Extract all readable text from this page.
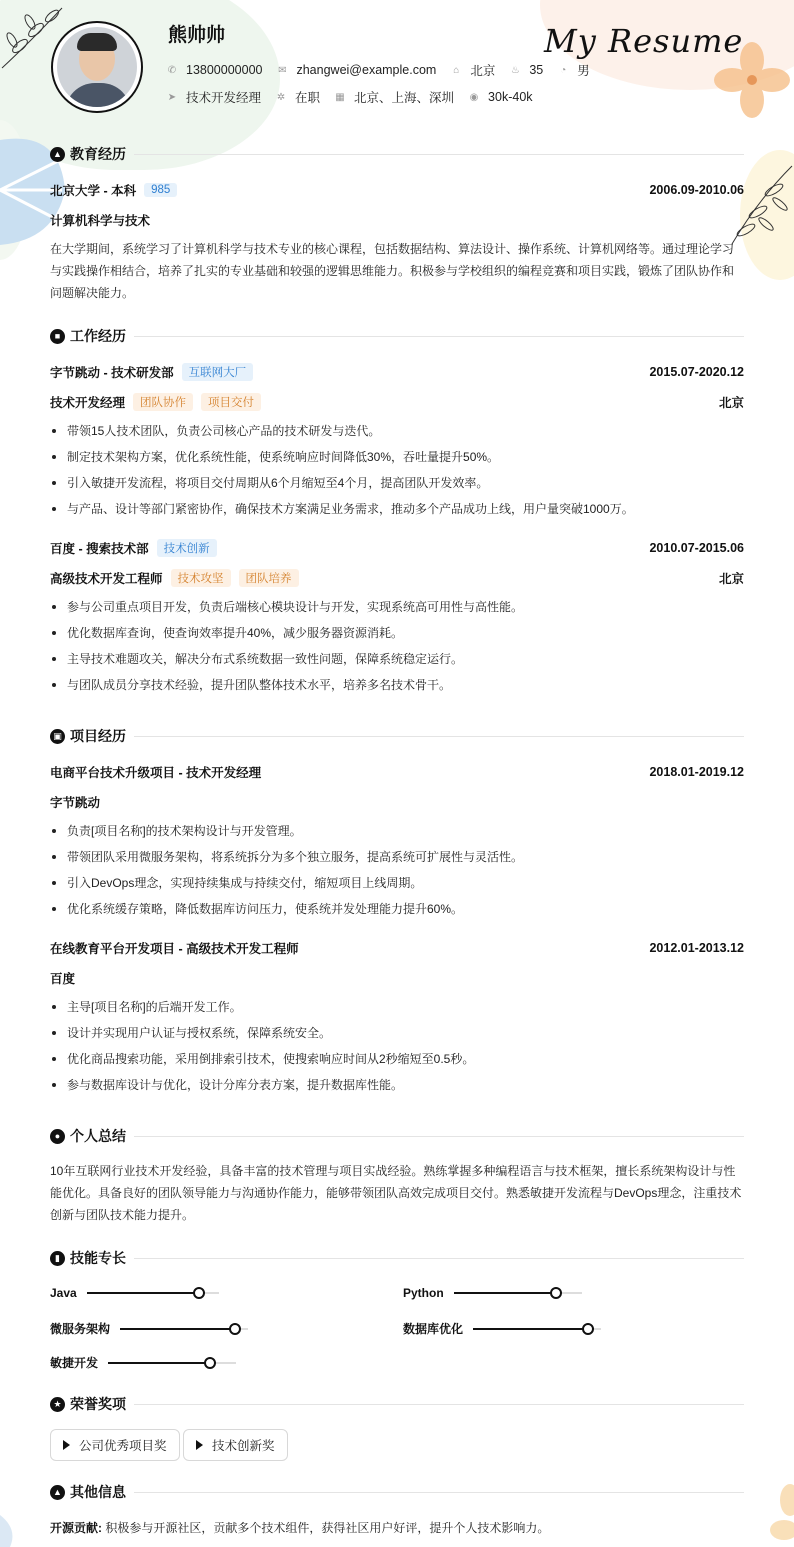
熊帅帅	My Resume
✆ 13800000000 ✉ zhangwei@example.com ⌂ 北京 ♨ 35 ◔ 男
➤ 技术开发经理 ✲ 在职 ▦ 北京、上海、深圳 ◉ 30k-40k
▲ 教育经历
北京大学 - 本科	985	2006.09-2010.06
计算机科学与技术
在大学期间，系统学习了计算机科学与技术专业的核心课程，包括数据结构、算法设计、操作系统、计算机网络等。通过理论学习与实践操作相结合，培养了扎实的专业基础和较强的逻辑思维能力。积极参与学校组织的编程竞赛和项目实践，锻炼了团队协作和问题解决能力。
■ 工作经历
字节跳动 - 技术研发部	互联网大厂	2015.07-2020.12
技术开发经理	团队协作	项目交付	北京
带领15人技术团队，负责公司核心产品的技术研发与迭代。
制定技术架构方案，优化系统性能，使系统响应时间降低30%，吞吐量提升50%。
引入敏捷开发流程，将项目交付周期从6个月缩短至4个月，提高团队开发效率。
与产品、设计等部门紧密协作，确保技术方案满足业务需求，推动多个产品成功上线，用户量突破1000万。
百度 - 搜索技术部	技术创新	2010.07-2015.06
高级技术开发工程师	技术攻坚	团队培养	北京
参与公司重点项目开发，负责后端核心模块设计与开发，实现系统高可用性与高性能。
优化数据库查询，使查询效率提升40%，减少服务器资源消耗。
主导技术难题攻关，解决分布式系统数据一致性问题，保障系统稳定运行。
与团队成员分享技术经验，提升团队整体技术水平，培养多名技术骨干。
▣ 项目经历
电商平台技术升级项目 - 技术开发经理	2018.01-2019.12
字节跳动
负责[项目名称]的技术架构设计与开发管理。
带领团队采用微服务架构，将系统拆分为多个独立服务，提高系统可扩展性与灵活性。
引入DevOps理念，实现持续集成与持续交付，缩短项目上线周期。
优化系统缓存策略，降低数据库访问压力，使系统并发处理能力提升60%。
在线教育平台开发项目 - 高级技术开发工程师	2012.01-2013.12
百度
主导[项目名称]的后端开发工作。
设计并实现用户认证与授权系统，保障系统安全。
优化商品搜索功能，采用倒排索引技术，使搜索响应时间从2秒缩短至0.5秒。
参与数据库设计与优化，设计分库分表方案，提升数据库性能。
● 个人总结
10年互联网行业技术开发经验，具备丰富的技术管理与项目实战经验。熟练掌握多种编程语言与技术框架，擅长系统架构设计与性能优化。具备良好的团队领导能力与沟通协作能力，能够带领团队高效完成项目交付。熟悉敏捷开发流程与DevOps理念，注重技术创新与团队技术能力提升。
▮ 技能专长
Java	Python
微服务架构	数据库优化
敏捷开发
★ 荣誉奖项
公司优秀项目奖	技术创新奖
▲ 其他信息
开源贡献: 积极参与开源社区，贡献多个技术组件，获得社区用户好评，提升个人技术影响力。
